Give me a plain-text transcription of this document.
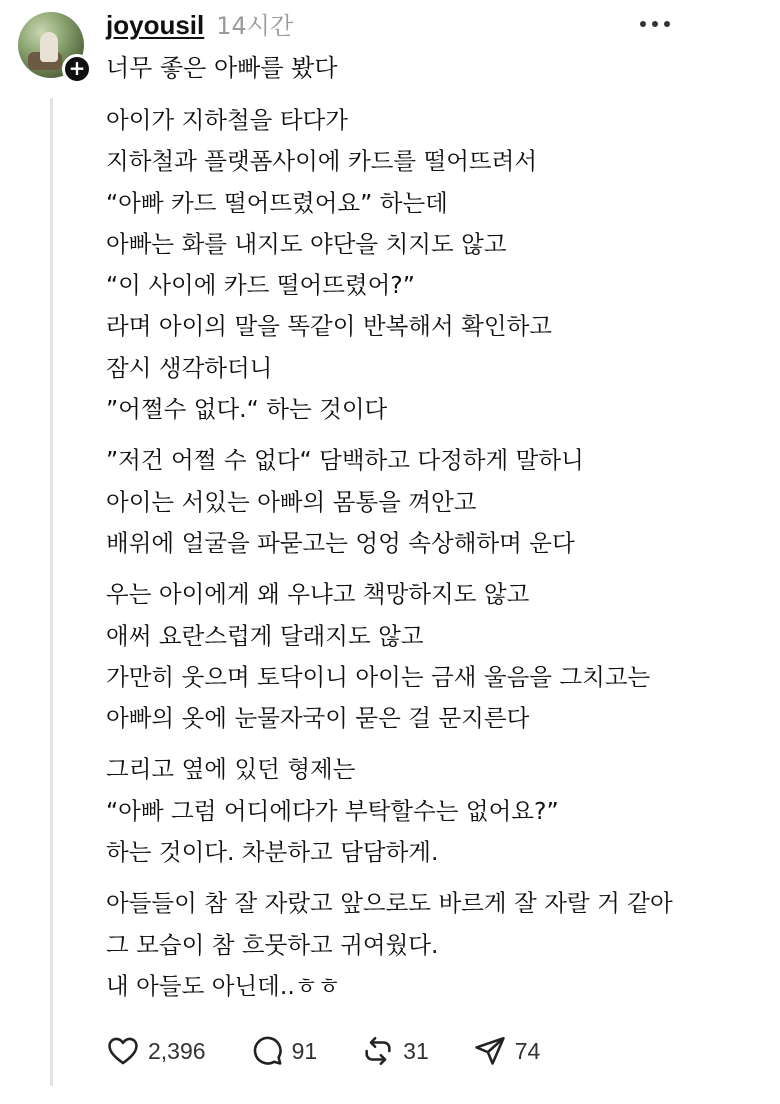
+
joyousil 14시간
너무 좋은 아빠를 봤다
아이가 지하철을 타다가
지하철과 플랫폼사이에 카드를 떨어뜨려서
“아빠 카드 떨어뜨렸어요” 하는데
아빠는 화를 내지도 야단을 치지도 않고
“이 사이에 카드 떨어뜨렸어?”
라며 아이의 말을 똑같이 반복해서 확인하고
잠시 생각하더니
”어쩔수 없다.“ 하는 것이다
”저건 어쩔 수 없다“ 담백하고 다정하게 말하니
아이는 서있는 아빠의 몸통을 껴안고
배위에 얼굴을 파묻고는 엉엉 속상해하며 운다
우는 아이에게 왜 우냐고 책망하지도 않고
애써 요란스럽게 달래지도 않고
가만히 웃으며 토닥이니 아이는 금새 울음을 그치고는
아빠의 옷에 눈물자국이 묻은 걸 문지른다
그리고 옆에 있던 형제는
“아빠 그럼 어디에다가 부탁할수는 없어요?”
하는 것이다. 차분하고 담담하게.
아들들이 참 잘 자랐고 앞으로도 바르게 잘 자랄 거 같아
그 모습이 참 흐뭇하고 귀여웠다.
내 아들도 아닌데..ㅎㅎ
2,396	91	31	74
